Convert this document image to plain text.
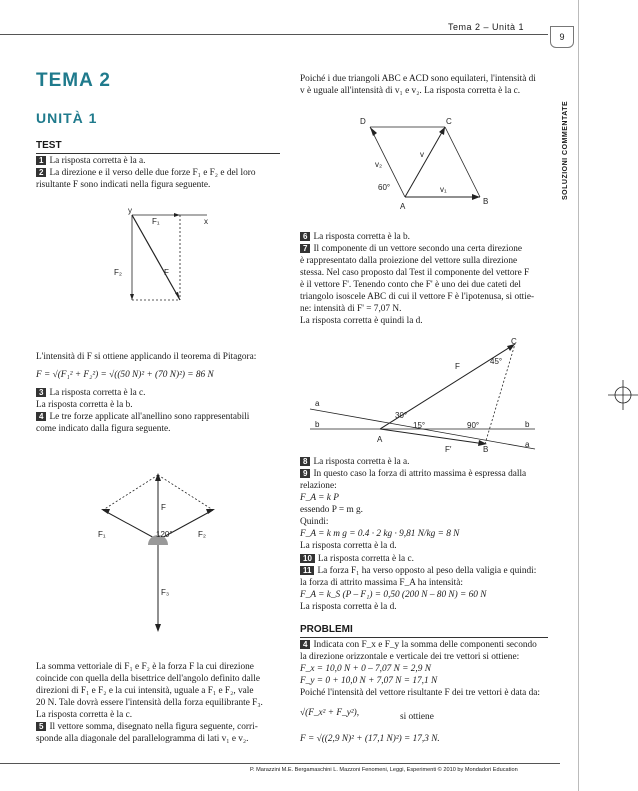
Tema 2 – Unità 1
9
SOLUZIONI COMMENTATE
TEMA 2
UNITÀ 1
TEST
1 La risposta corretta è la a.
2 La direzione e il verso delle due forze F₁ e F₂ e del loro
risultante F sono indicati nella figura seguente.
y
x
F₁
F₂	F
L'intensità di F si ottiene applicando il teorema di Pitagora:
F = √(F₁² + F₂²) = √((50 N)² + (70 N)²) = 86 N
3 La risposta corretta è la c.
La risposta corretta è la b.
4 Le tre forze applicate all'anellino sono rappresentabili
come indicato dalla figura seguente.
F
F₁	F₂
F₃
120°
La somma vettoriale di F₁ e F₂ è la forza F la cui direzione
coincide con quella della bisettrice dell'angolo definito dalle
direzioni di F₁ e F₂ e la cui intensità, uguale a F₁ e F₂, vale
20 N. Tale dovrà essere l'intensità della forza equilibrante F₃.
La risposta corretta è la c.
5 Il vettore somma, disegnato nella figura seguente, corri-
sponde alla diagonale del parallelogramma di lati v₁ e v₂.
Poiché i due triangoli ABC e ACD sono equilateri, l'intensità di
v è uguale all'intensità di v₁ e v₂. La risposta corretta è la c.
D	C
A
B
v
v₁
v₂
60°
6 La risposta corretta è la b.
7 Il componente di un vettore secondo una certa direzione
è rappresentato dalla proiezione del vettore sulla direzione
stessa. Nel caso proposto dal Test il componente del vettore F
è il vettore F'. Tenendo conto che F' è uno dei due cateti del
triangolo isoscele ABC di cui il vettore F è l'ipotenusa, si ottie-
ne: intensità di F' = 7,07 N.
La risposta corretta è quindi la d.
C
F
F′
A
B
a
b	b
a
45°
30°
15°	90°
8 La risposta corretta è la a.
9 In questo caso la forza di attrito massima è espressa dalla
relazione:
F_A = k P
essendo P = m g.
Quindi:
F_A = k m g = 0.4 · 2 kg · 9,81 N/kg = 8 N
La risposta corretta è la d.
10 La risposta corretta è la c.
11 La forza F₁ ha verso opposto al peso della valigia e quindi:
la forza di attrito massima F_A ha intensità:
F_A = k_S (P – F₁) = 0,50 (200 N – 80 N) = 60 N
La risposta corretta è la d.
PROBLEMI
4 Indicata con F_x e F_y la somma delle componenti secondo
la direzione orizzontale e verticale dei tre vettori si ottiene:
F_x = 10,0 N + 0 – 7,07 N = 2,9 N
F_y = 0 + 10,0 N + 7,07 N = 17,1 N
Poiché l'intensità del vettore risultante F dei tre vettori è data da:
√(F_x² + F_y²),	si ottiene
F = √((2,9 N)² + (17,1 N)²) = 17,3 N.
P. Marazzini M.E. Bergamaschini L. Mazzoni Fenomeni, Leggi, Esperimenti © 2010 by Mondadori Education
